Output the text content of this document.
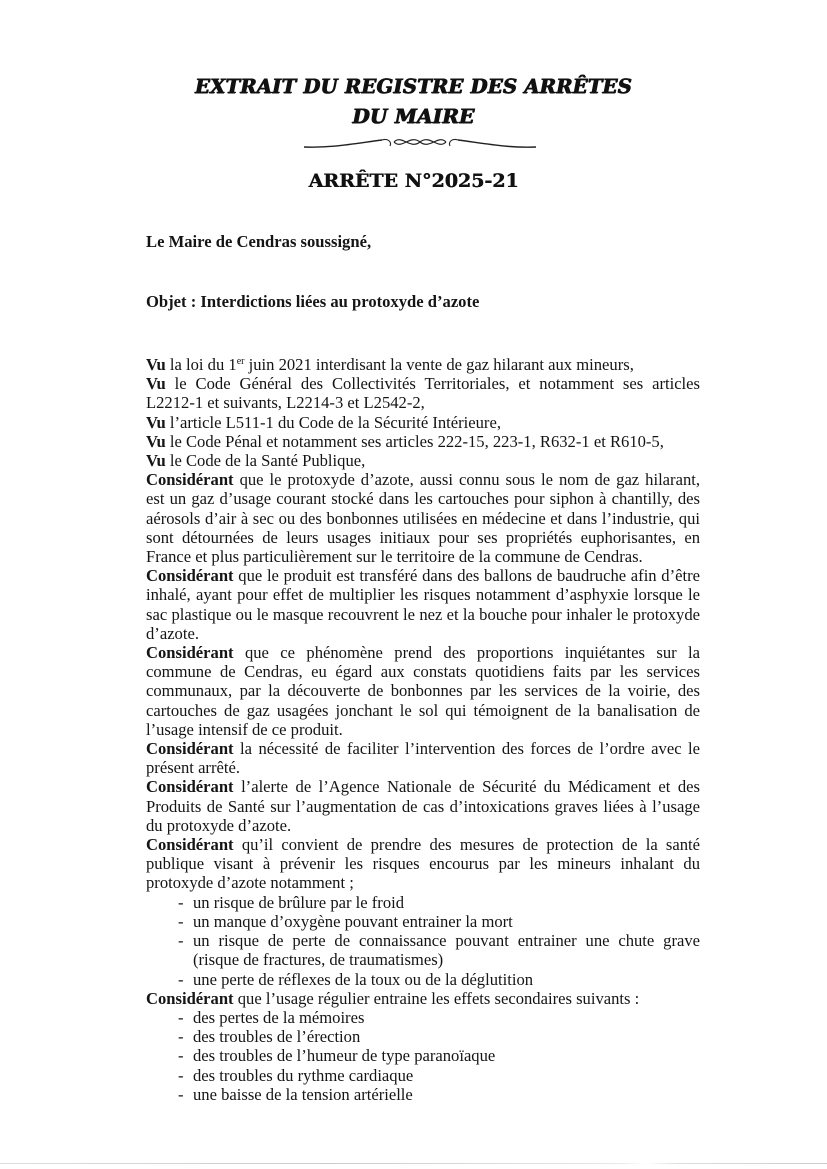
EXTRAIT DU REGISTRE DES ARRÊTES
DU MAIRE
ARRÊTE N°2025-21
Le Maire de Cendras soussigné,
Objet : Interdictions liées au protoxyde d’azote

Vu la loi du 1er juin 2021 interdisant la vente de gaz hilarant aux mineurs,

Vu le Code Général des Collectivités Territoriales, et notamment ses articles L2212-1 et suivants, L2214-3 et L2542-2,

Vu l’article L511-1 du Code de la Sécurité Intérieure,

Vu le Code Pénal et notamment ses articles 222-15, 223-1, R632-1 et R610-5,

Vu le Code de la Santé Publique,

Considérant que le protoxyde d’azote, aussi connu sous le nom de gaz hilarant, est un gaz d’usage courant stocké dans les cartouches pour siphon à chantilly, des aérosols d’air à sec ou des bonbonnes utilisées en médecine et dans l’industrie, qui sont détournées de leurs usages initiaux pour ses propriétés euphorisantes, en France et plus particulièrement sur le territoire de la commune de Cendras.

Considérant que le produit est transféré dans des ballons de baudruche afin d’être inhalé, ayant pour effet de multiplier les risques notamment d’asphyxie lorsque le sac plastique ou le masque recouvrent le nez et la bouche pour inhaler le protoxyde d’azote.

Considérant que ce phénomène prend des proportions inquiétantes sur la commune de Cendras, eu égard aux constats quotidiens faits par les services communaux, par la découverte de bonbonnes par les services de la voirie, des cartouches de gaz usagées jonchant le sol qui témoignent de la banalisation de l’usage intensif de ce produit.

Considérant la nécessité de faciliter l’intervention des forces de l’ordre avec le présent arrêté.

Considérant l’alerte de l’Agence Nationale de Sécurité du Médicament et des Produits de Santé sur l’augmentation de cas d’intoxications graves liées à l’usage du protoxyde d’azote.

Considérant qu’il convient de prendre des mesures de protection de la santé publique visant à prévenir les risques encourus par les mineurs inhalant du protoxyde d’azote notamment ;

- un risque de brûlure par le froid
- un manque d’oxygène pouvant entrainer la mort
- un risque de perte de connaissance pouvant entrainer une chute grave (risque de fractures, de traumatismes)
- une perte de réflexes de la toux ou de la déglutition

Considérant que l’usage régulier entraine les effets secondaires suivants :

- des pertes de la mémoires
- des troubles de l’érection
- des troubles de l’humeur de type paranoïaque
- des troubles du rythme cardiaque
- une baisse de la tension artérielle
